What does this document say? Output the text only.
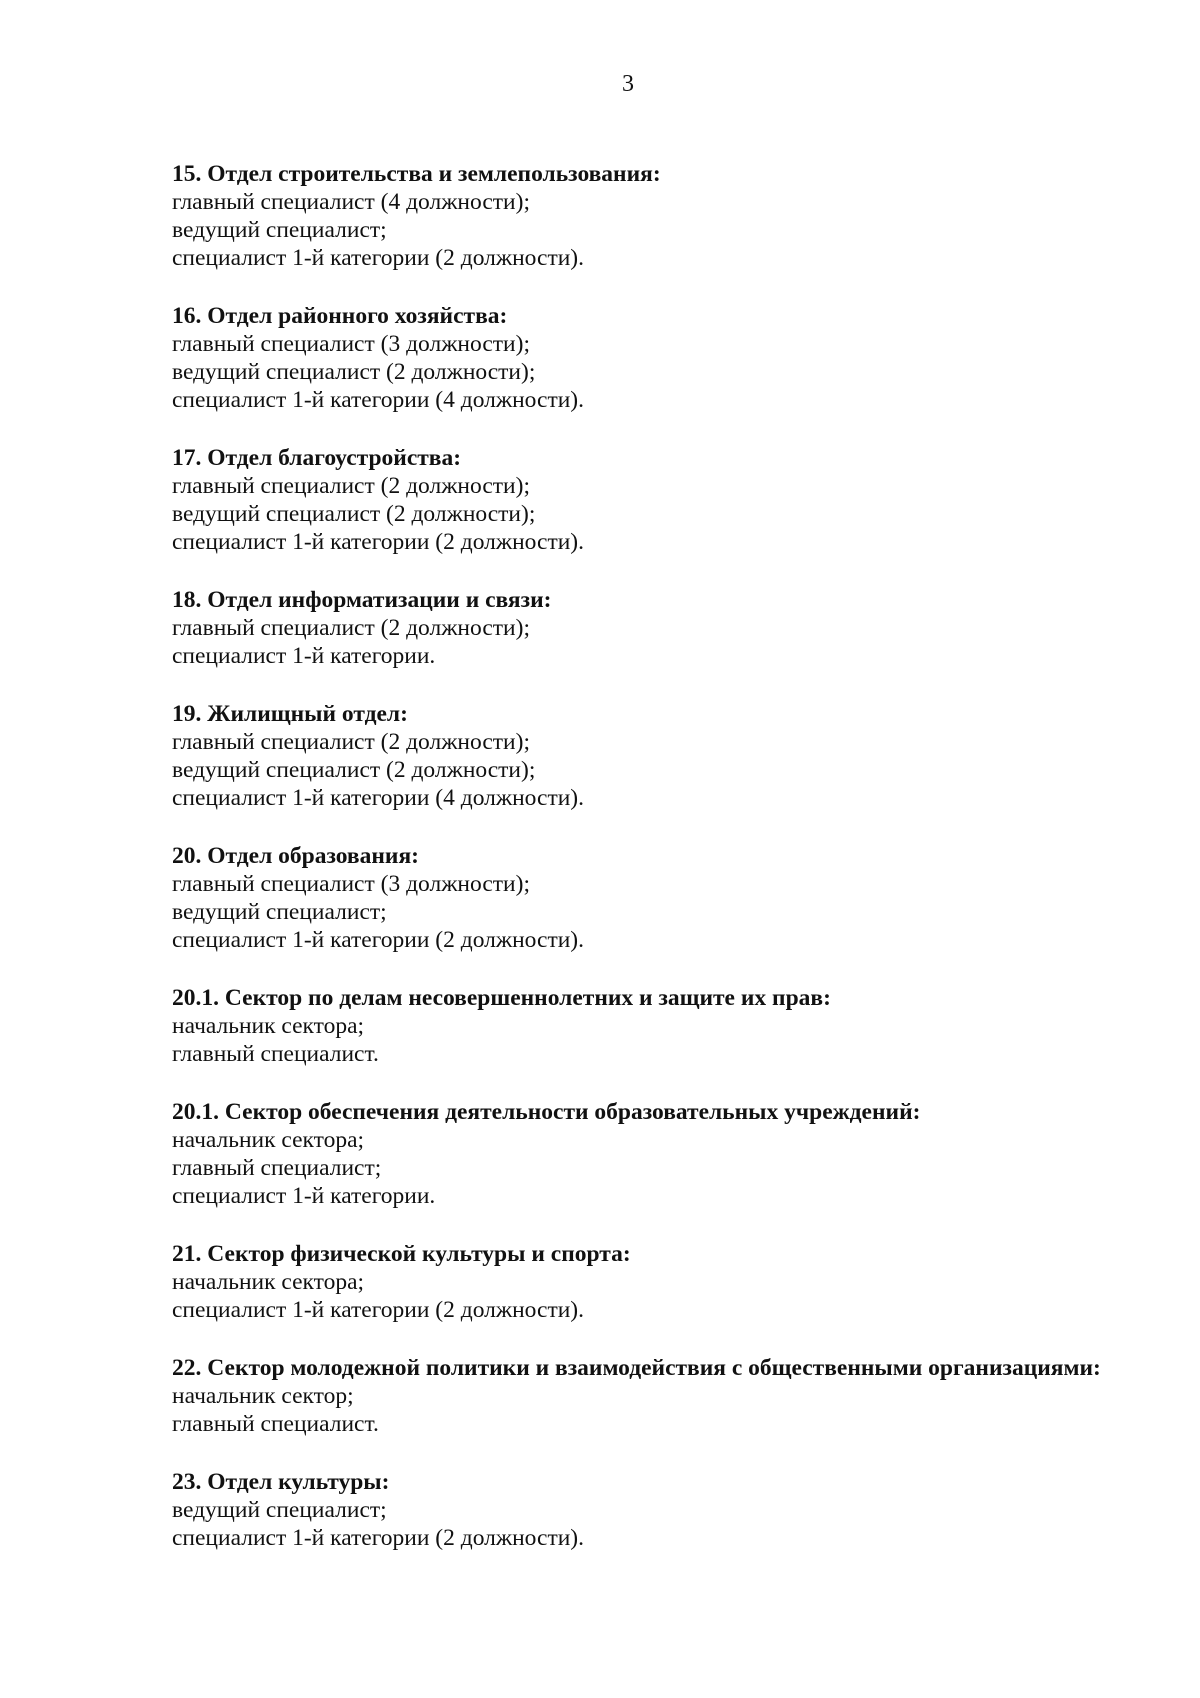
3
15. Отдел строительства и землепользования:
главный специалист (4 должности);
ведущий специалист;
специалист 1-й категории (2 должности).
16. Отдел районного хозяйства:
главный специалист (3 должности);
ведущий специалист (2 должности);
специалист 1-й категории (4 должности).
17. Отдел благоустройства:
главный специалист (2 должности);
ведущий специалист (2 должности);
специалист 1-й категории (2 должности).
18. Отдел информатизации и связи:
главный специалист (2 должности);
специалист 1-й категории.
19. Жилищный отдел:
главный специалист (2 должности);
ведущий специалист (2 должности);
специалист 1-й категории (4 должности).
20. Отдел образования:
главный специалист (3 должности);
ведущий специалист;
специалист 1-й категории (2 должности).
20.1. Сектор по делам несовершеннолетних и защите их прав:
начальник сектора;
главный специалист.
20.1. Сектор обеспечения деятельности образовательных учреждений:
начальник сектора;
главный специалист;
специалист 1-й категории.
21. Сектор физической культуры и спорта:
начальник сектора;
специалист 1-й категории (2 должности).
22. Сектор молодежной политики и взаимодействия с общественными организациями:
начальник сектор;
главный специалист.
23. Отдел культуры:
ведущий специалист;
специалист 1-й категории (2 должности).
